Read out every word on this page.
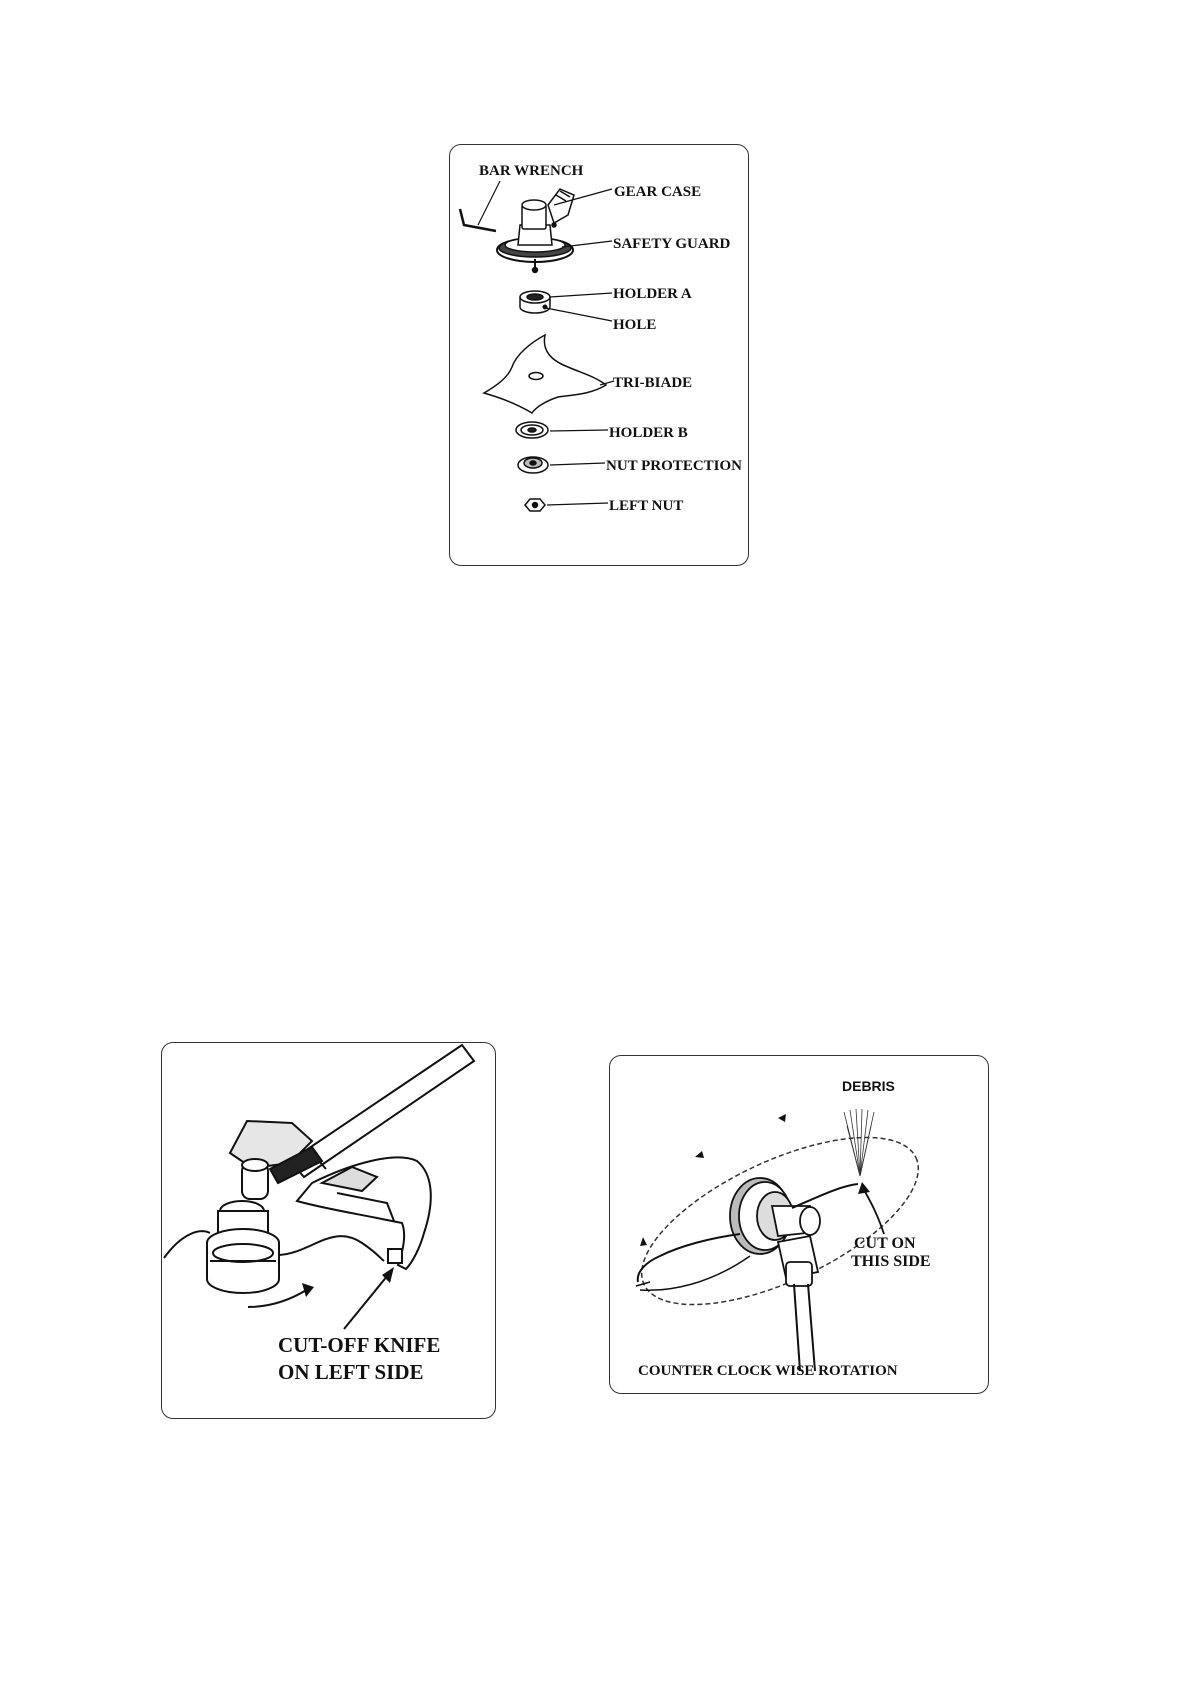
BAR WRENCH
GEAR CASE
SAFETY GUARD
HOLDER A
HOLE
TRI-BIADE
HOLDER B
NUT PROTECTION
LEFT NUT
CUT-OFF KNIFE
ON LEFT SIDE
DEBRIS
CUT ON
THIS SIDE
COUNTER CLOCK WISE ROTATION
